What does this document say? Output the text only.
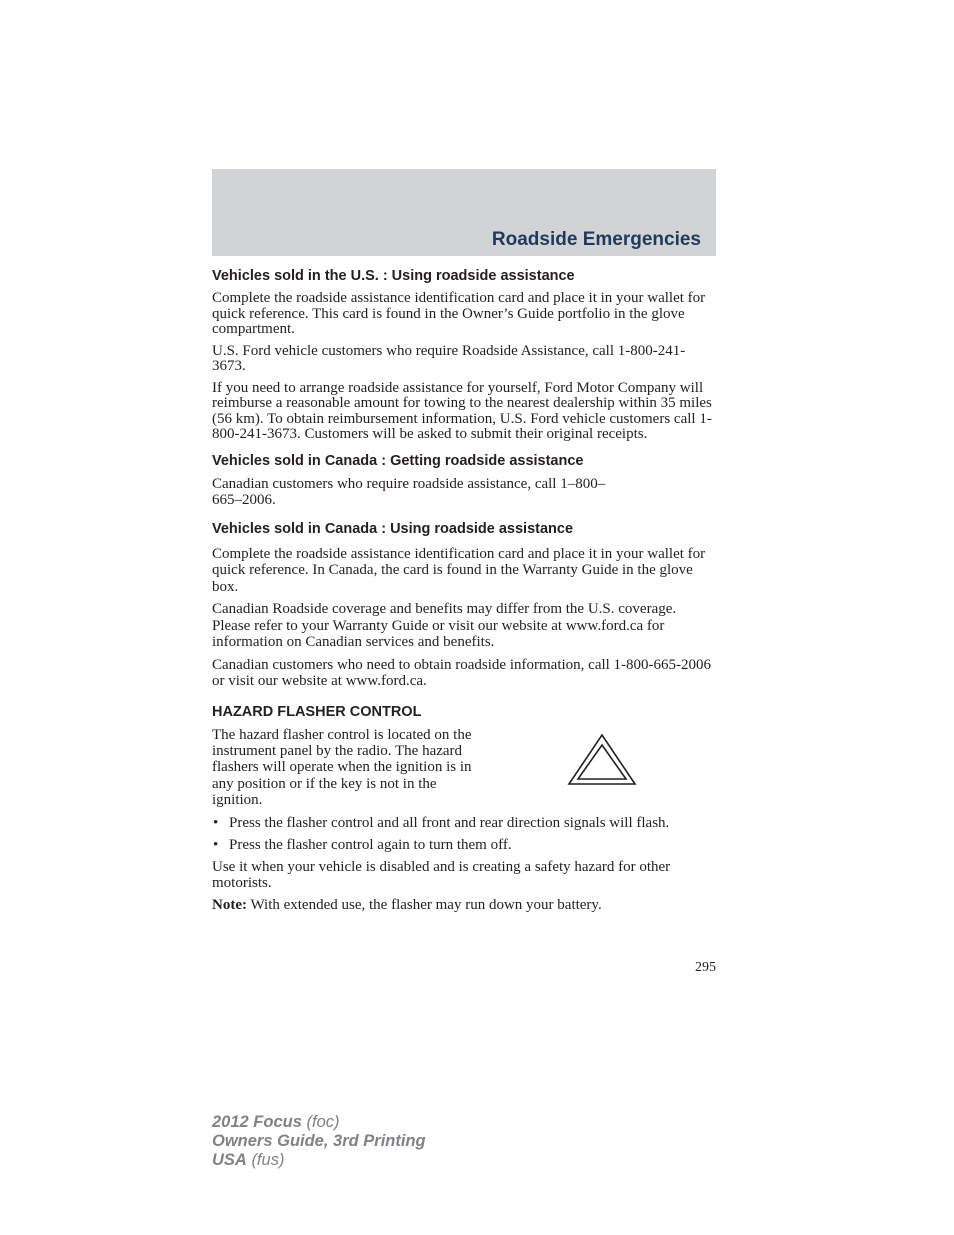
Roadside Emergencies
Vehicles sold in the U.S. : Using roadside assistance

Complete the roadside assistance identification card and place it in your wallet for quick reference. This card is found in the Owner’s Guide portfolio in the glove compartment.

U.S. Ford vehicle customers who require Roadside Assistance, call 1-800-241-3673.

If you need to arrange roadside assistance for yourself, Ford Motor Company will reimburse a reasonable amount for towing to the nearest dealership within 35 miles (56 km). To obtain reimbursement information, U.S. Ford vehicle customers call 1-800-241-3673. Customers will be asked to submit their original receipts.

Vehicles sold in Canada : Getting roadside assistance

Canadian customers who require roadside assistance, call 1–800–665–2006.

Vehicles sold in Canada : Using roadside assistance

Complete the roadside assistance identification card and place it in your wallet for quick reference. In Canada, the card is found in the Warranty Guide in the glove box.

Canadian Roadside coverage and benefits may differ from the U.S. coverage. Please refer to your Warranty Guide or visit our website at www.ford.ca for information on Canadian services and benefits.

Canadian customers who need to obtain roadside information, call 1-800-665-2006 or visit our website at www.ford.ca.

HAZARD FLASHER CONTROL

The hazard flasher control is located on the instrument panel by the radio. The hazard flashers will operate when the ignition is in any position or if the key is not in the ignition.

• Press the flasher control and all front and rear direction signals will flash.
• Press the flasher control again to turn them off.

Use it when your vehicle is disabled and is creating a safety hazard for other motorists.

Note: With extended use, the flasher may run down your battery.

295
2012 Focus (foc)
Owners Guide, 3rd Printing
USA (fus)
